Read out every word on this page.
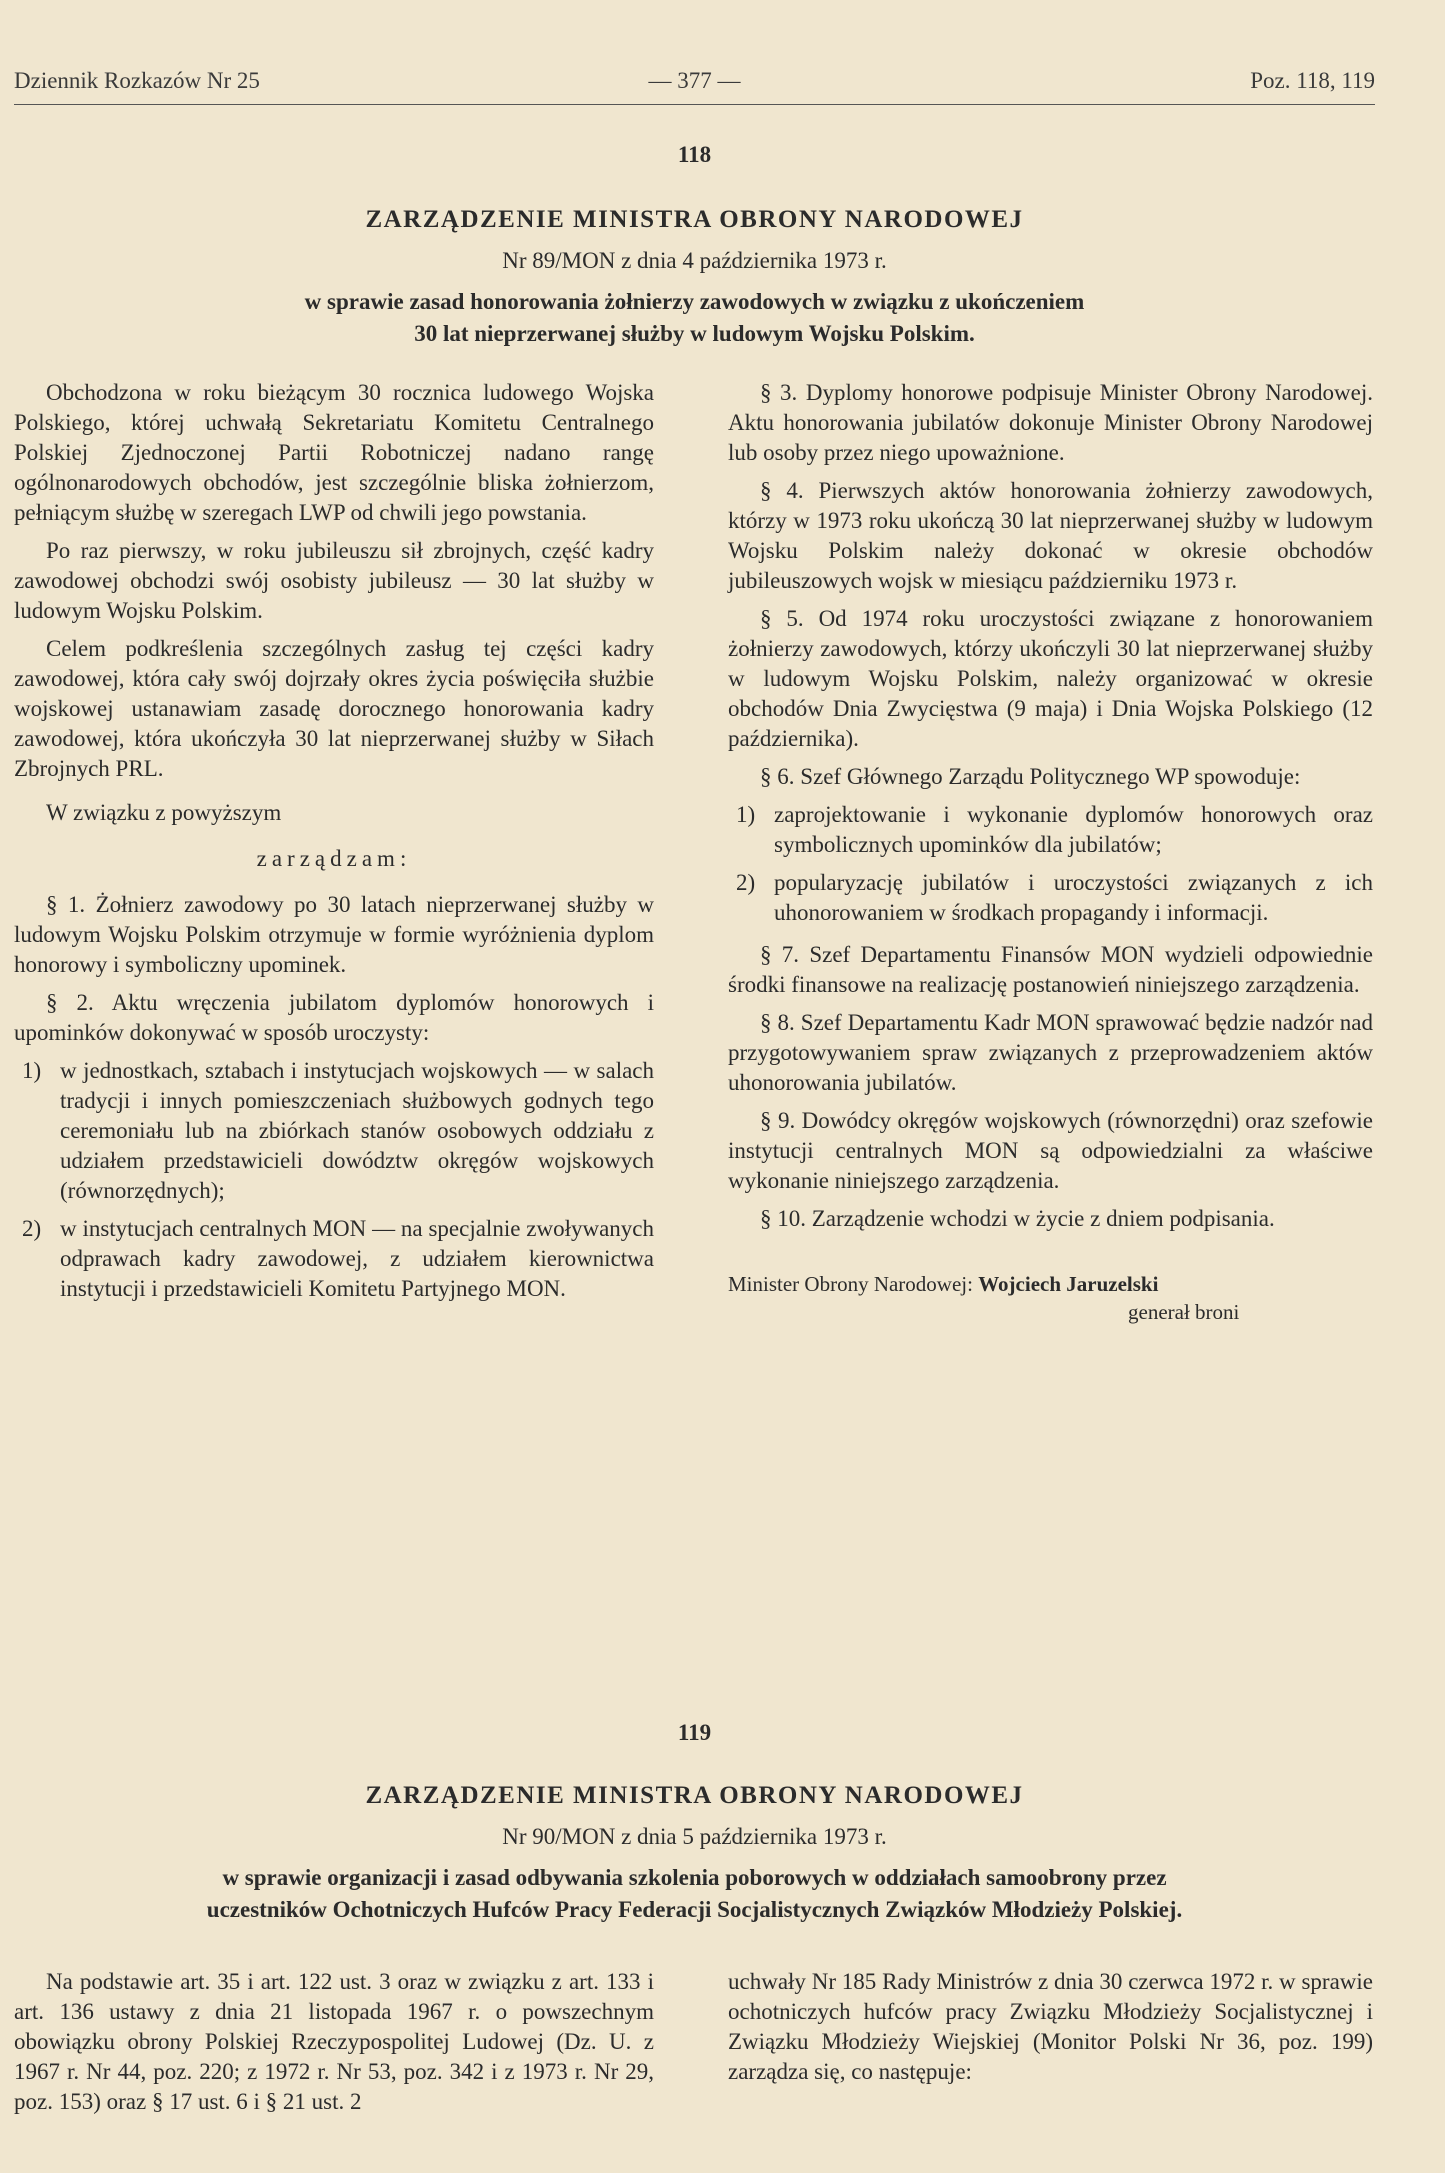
Dziennik Rozkazów Nr 25	— 377 —	Poz. 118, 119
118
ZARZĄDZENIE MINISTRA OBRONY NARODOWEJ
Nr 89/MON z dnia 4 października 1973 r.
w sprawie zasad honorowania żołnierzy zawodowych w związku z ukończeniem
30 lat nieprzerwanej służby w ludowym Wojsku Polskim.

Obchodzona w roku bieżącym 30 rocznica ludowego Wojska Polskiego, której uchwałą Sekretariatu Komitetu Centralnego Polskiej Zjednoczonej Partii Robotniczej nadano rangę ogólnonarodowych obchodów, jest szczególnie bliska żołnierzom, pełniącym służbę w szeregach LWP od chwili jego powstania.

Po raz pierwszy, w roku jubileuszu sił zbrojnych, część kadry zawodowej obchodzi swój osobisty jubileusz — 30 lat służby w ludowym Wojsku Polskim.

Celem podkreślenia szczególnych zasług tej części kadry zawodowej, która cały swój dojrzały okres życia poświęciła służbie wojskowej ustanawiam zasadę dorocznego honorowania kadry zawodowej, która ukończyła 30 lat nieprzerwanej służby w Siłach Zbrojnych PRL.

W związku z powyższym

zarządzam:

§ 1. Żołnierz zawodowy po 30 latach nieprzerwanej służby w ludowym Wojsku Polskim otrzymuje w formie wyróżnienia dyplom honorowy i symboliczny upominek.

§ 2. Aktu wręczenia jubilatom dyplomów honorowych i upominków dokonywać w sposób uroczysty:

1) w jednostkach, sztabach i instytucjach wojskowych — w salach tradycji i innych pomieszczeniach służbowych godnych tego ceremoniału lub na zbiórkach stanów osobowych oddziału z udziałem przedstawicieli dowództw okręgów wojskowych (równorzędnych);
2) w instytucjach centralnych MON — na specjalnie zwoływanych odprawach kadry zawodowej, z udziałem kierownictwa instytucji i przedstawicieli Komitetu Partyjnego MON.

§ 3. Dyplomy honorowe podpisuje Minister Obrony Narodowej. Aktu honorowania jubilatów dokonuje Minister Obrony Narodowej lub osoby przez niego upoważnione.

§ 4. Pierwszych aktów honorowania żołnierzy zawodowych, którzy w 1973 roku ukończą 30 lat nieprzerwanej służby w ludowym Wojsku Polskim należy dokonać w okresie obchodów jubileuszowych wojsk w miesiącu październiku 1973 r.

§ 5. Od 1974 roku uroczystości związane z honorowaniem żołnierzy zawodowych, którzy ukończyli 30 lat nieprzerwanej służby w ludowym Wojsku Polskim, należy organizować w okresie obchodów Dnia Zwycięstwa (9 maja) i Dnia Wojska Polskiego (12 października).

§ 6. Szef Głównego Zarządu Politycznego WP spowoduje:

1) zaprojektowanie i wykonanie dyplomów honorowych oraz symbolicznych upominków dla jubilatów;
2) popularyzację jubilatów i uroczystości związanych z ich uhonorowaniem w środkach propagandy i informacji.

§ 7. Szef Departamentu Finansów MON wydzieli odpowiednie środki finansowe na realizację postanowień niniejszego zarządzenia.

§ 8. Szef Departamentu Kadr MON sprawować będzie nadzór nad przygotowywaniem spraw związanych z przeprowadzeniem aktów uhonorowania jubilatów.

§ 9. Dowódcy okręgów wojskowych (równorzędni) oraz szefowie instytucji centralnych MON są odpowiedzialni za właściwe wykonanie niniejszego zarządzenia.

§ 10. Zarządzenie wchodzi w życie z dniem podpisania.

Minister Obrony Narodowej: Wojciech Jaruzelski
generał broni
119
ZARZĄDZENIE MINISTRA OBRONY NARODOWEJ
Nr 90/MON z dnia 5 października 1973 r.
w sprawie organizacji i zasad odbywania szkolenia poborowych w oddziałach samoobrony przez
uczestników Ochotniczych Hufców Pracy Federacji Socjalistycznych Związków Młodzieży Polskiej.

Na podstawie art. 35 i art. 122 ust. 3 oraz w związku z art. 133 i art. 136 ustawy z dnia 21 listopada 1967 r. o powszechnym obowiązku obrony Polskiej Rzeczypospolitej Ludowej (Dz. U. z 1967 r. Nr 44, poz. 220; z 1972 r. Nr 53, poz. 342 i z 1973 r. Nr 29, poz. 153) oraz § 17 ust. 6 i § 21 ust. 2

uchwały Nr 185 Rady Ministrów z dnia 30 czerwca 1972 r. w sprawie ochotniczych hufców pracy Związku Młodzieży Socjalistycznej i Związku Młodzieży Wiejskiej (Monitor Polski Nr 36, poz. 199) zarządza się, co następuje:
